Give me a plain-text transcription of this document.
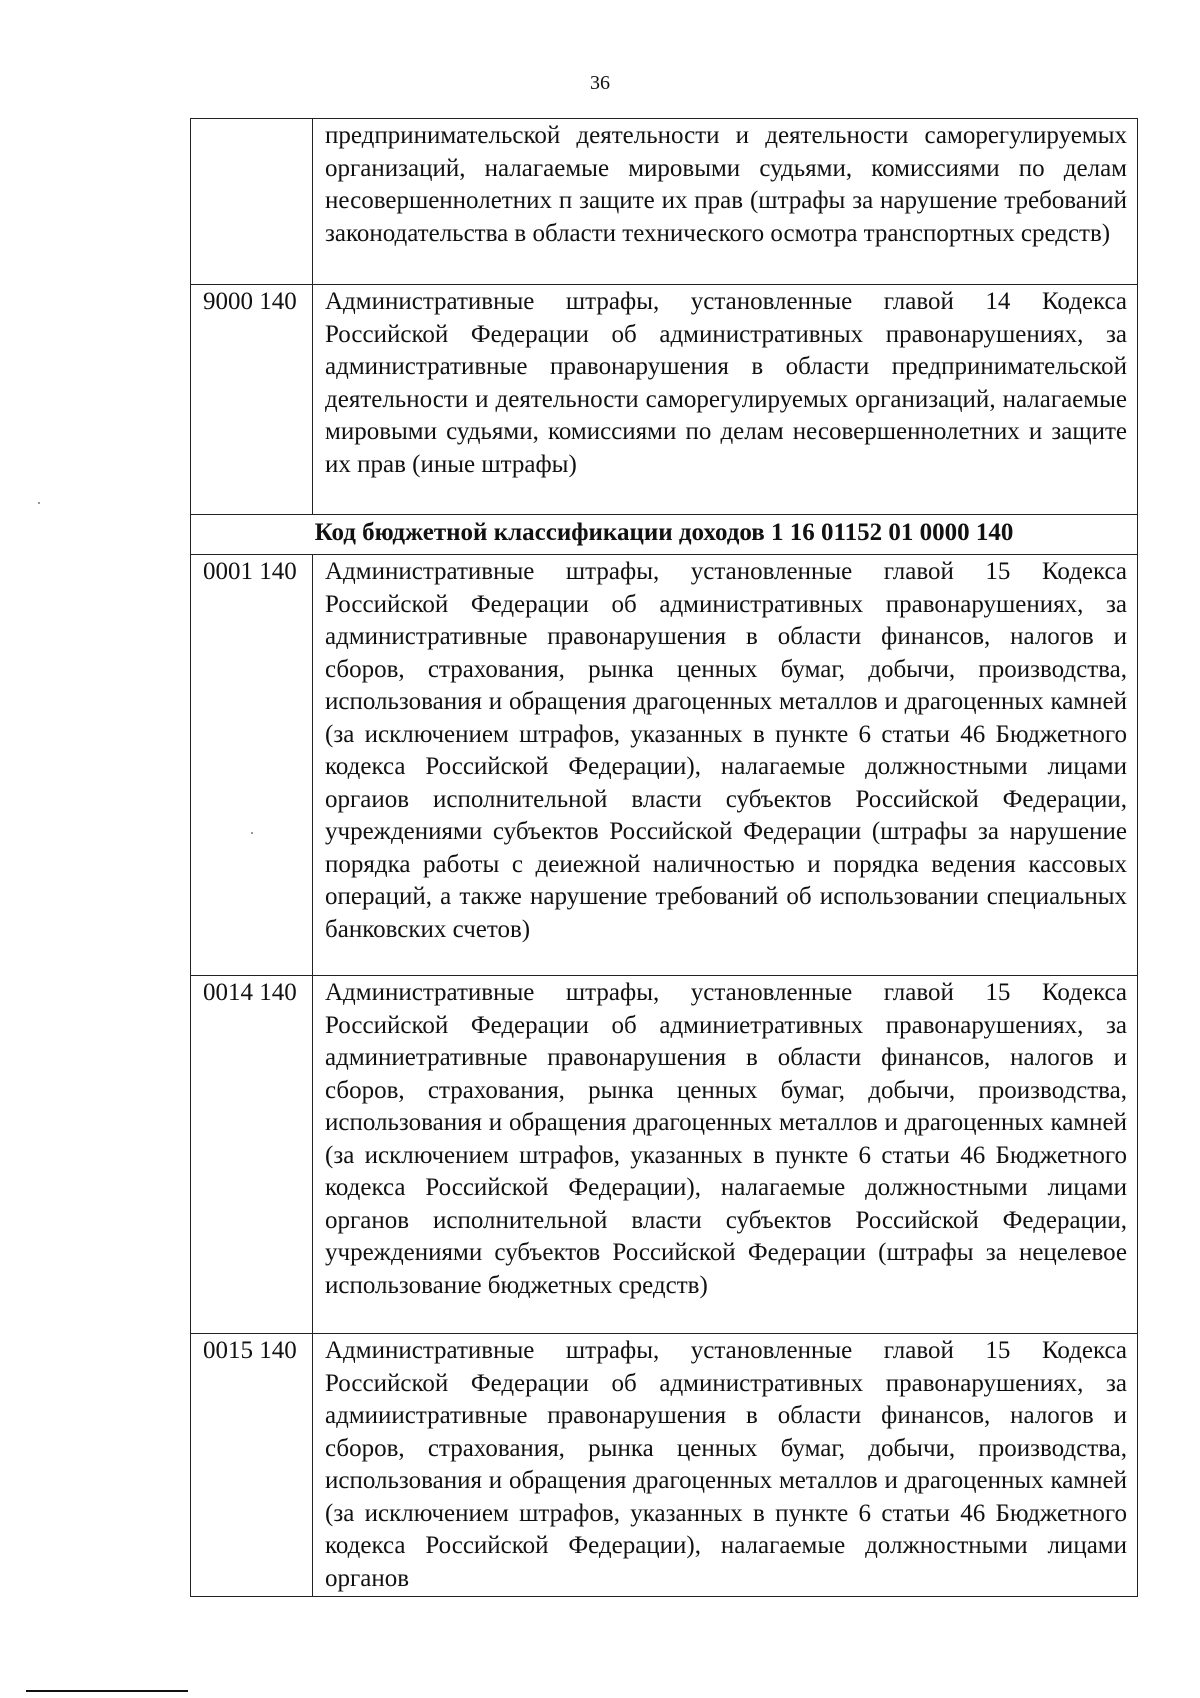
36
	предпринимательской деятельности и деятельности саморегулируемых организаций, налагаемые мировыми судьями, комиссиями по делам несовершеннолетних п защите их прав (штрафы за нарушение требований законодательства в области технического осмотра транспортных средств)
9000 140	Административные штрафы, установленные главой 14 Кодекса Российской Федерации об административных правонарушениях, за административные правонарушения в области предпринимательской деятельности и деятельности саморегулируемых организаций, налагаемые мировыми судьями, комиссиями по делам несовершеннолетних и защите их прав (иные штрафы)
Код бюджетной классификации доходов 1 16 01152 01 0000 140	
0001 140	Административные штрафы, установленные главой 15 Кодекса Российской Федерации об административных правонарушениях, за административные правонарушения в области финансов, налогов и сборов, страхования, рынка ценных бумаг, добычи, производства, использования и обращения драгоценных металлов и драгоценных камней (за исключением штрафов, указанных в пункте 6 статьи 46 Бюджетного кодекса Российской Федерации), налагаемые должностными лицами оргаиов исполнительной власти субъектов Российской Федерации, учреждениями субъектов Российской Федерации (штрафы за нарушение порядка работы с деиежной наличностью и порядка ведения кассовых операций, а также нарушение требований об использовании специальных банковских счетов)
0014 140	Административные штрафы, установленные главой 15 Кодекса Российской Федерации об админиетративных правонарушениях, за админиетративные правонарушения в области финансов, налогов и сборов, страхования, рынка ценных бумаг, добычи, производства, использования и обращения драгоценных металлов и драгоценных камней (за исключением штрафов, указанных в пункте 6 статьи 46 Бюджетного кодекса Российской Федерации), налагаемые должностными лицами органов исполнительной власти субъектов Российской Федерации, учреждениями субъектов Российской Федерации (штрафы за нецелевое использование бюджетных средств)
0015 140	Административные штрафы, установленные главой 15 Кодекса Российской Федерации об административных правонарушениях, за адмииистративные правонарушения в области финансов, налогов и сборов, страхования, рынка ценных бумаг, добычи, производства, использования и обращения драгоценных металлов и драгоценных камней (за исключением штрафов, указанных в пункте 6 статьи 46 Бюджетного кодекса Российской Федерации), налагаемые должностными лицами органов
